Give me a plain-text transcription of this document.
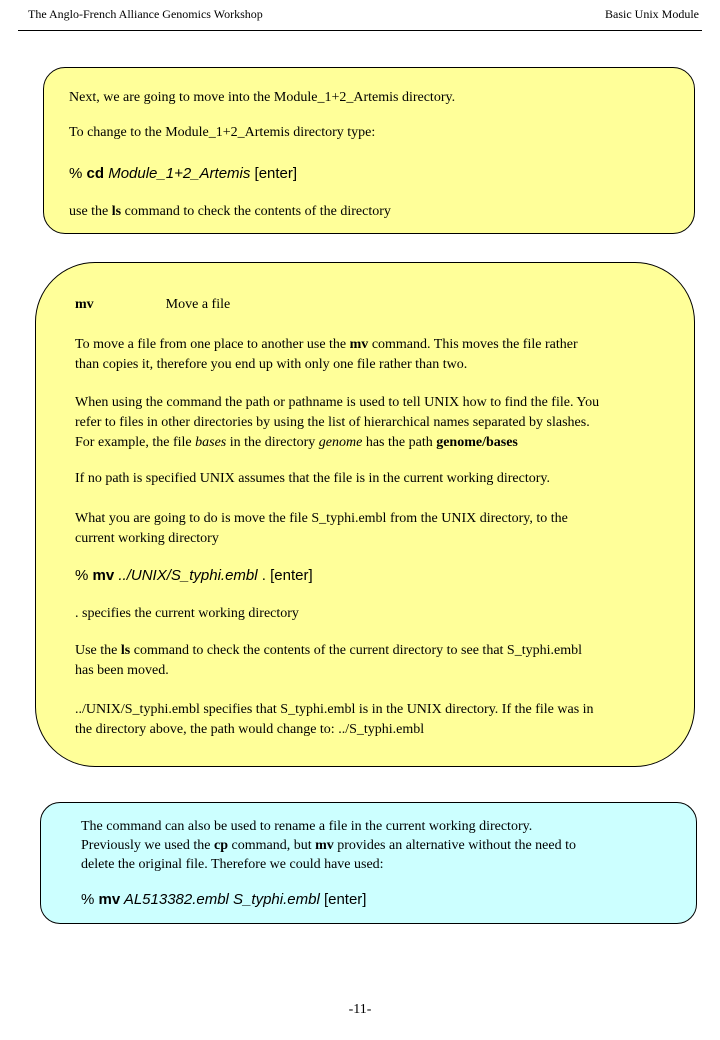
The Anglo-French Alliance Genomics Workshop	Basic Unix Module
Next, we are going to move into the Module_1+2_Artemis directory.
To change to the Module_1+2_Artemis directory type:
% cd Module_1+2_Artemis [enter]
use the ls command to check the contents of the directory
mv	Move a file
To move a file from one place to another use the mv command. This moves the file rather
than copies it, therefore you end up with only one file rather than two.
When using the command the path or pathname is used to tell UNIX how to find the file. You
refer to files in other directories by using the list of hierarchical names separated by slashes.
For example, the file bases in the directory genome has the path genome/bases
If no path is specified UNIX assumes that the file is in the current working directory.
What you are going to do is move the file S_typhi.embl from the UNIX directory, to the
current working directory
% mv ../UNIX/S_typhi.embl . [enter]
. specifies the current working directory
Use the ls command to check the contents of the current directory to see that S_typhi.embl
has been moved.
../UNIX/S_typhi.embl specifies that S_typhi.embl is in the UNIX directory. If the file was in
the directory above, the path would change to: ../S_typhi.embl
The command can also be used to rename a file in the current working directory.
Previously we used the cp command, but mv provides an alternative without the need to
delete the original file. Therefore we could have used:
% mv AL513382.embl S_typhi.embl [enter]
-11-
